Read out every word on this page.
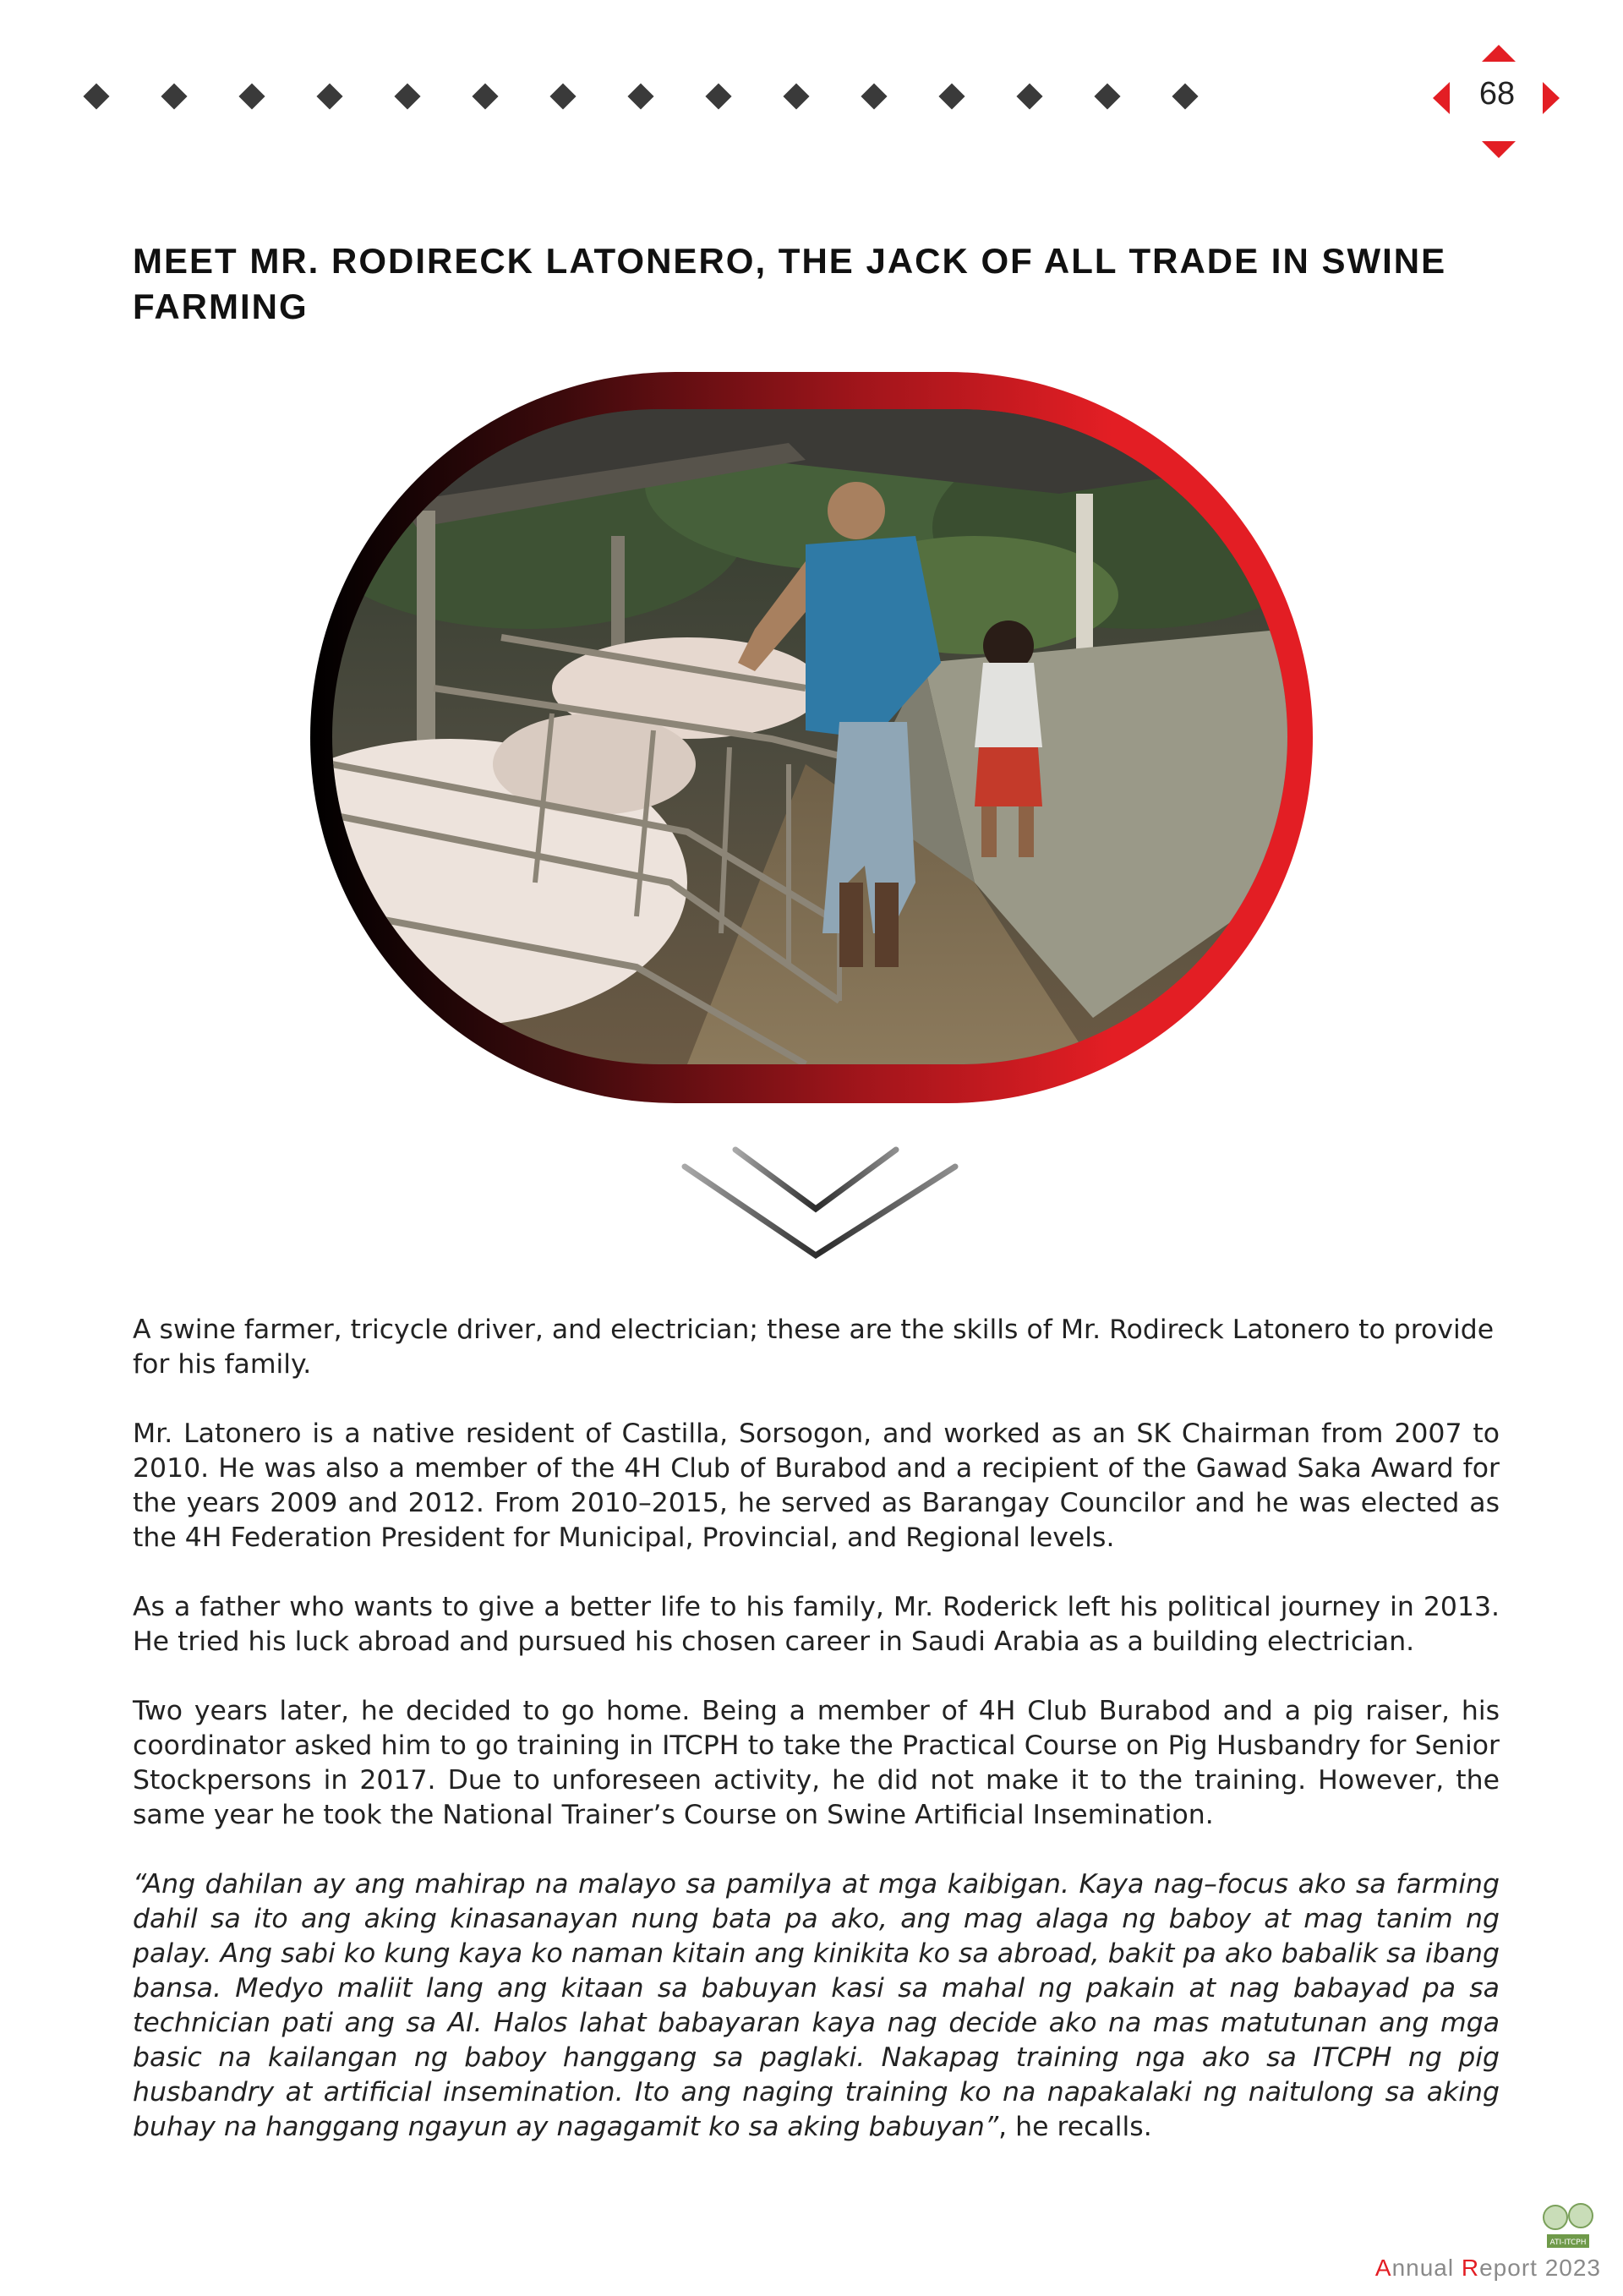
68
MEET MR. RODIRECK LATONERO, THE JACK OF ALL TRADE IN SWINE FARMING

A swine farmer, tricycle driver, and electrician; these are the skills of Mr. Rodireck Latonero to provide for his family.

Mr. Latonero is a native resident of Castilla, Sorsogon, and worked as an SK Chairman from 2007 to 2010. He was also a member of the 4H Club of Burabod and a recipient of the Gawad Saka Award for the years 2009 and 2012. From 2010–2015, he served as Barangay Councilor and he was elected as the 4H Federation President for Municipal, Provincial, and Regional levels.

As a father who wants to give a better life to his family, Mr. Roderick left his political journey in 2013. He tried his luck abroad and pursued his chosen career in Saudi Arabia as a building electrician.

Two years later, he decided to go home. Being a member of 4H Club Burabod and a pig raiser, his coordinator asked him to go training in ITCPH to take the Practical Course on Pig Husbandry for Senior Stockpersons in 2017. Due to unforeseen activity, he did not make it to the training. However, the same year he took the National Trainer’s Course on Swine Artificial Insemination.

“Ang dahilan ay ang mahirap na malayo sa pamilya at mga kaibigan. Kaya nag–focus ako sa farming dahil sa ito ang aking kinasanayan nung bata pa ako, ang mag alaga ng baboy at mag tanim ng palay. Ang sabi ko kung kaya ko naman kitain ang kinikita ko sa abroad, bakit pa ako babalik sa ibang bansa. Medyo maliit lang ang kitaan sa babuyan kasi sa mahal ng pakain at nag babayad pa sa technician pati ang sa AI. Halos lahat babayaran kaya nag decide ako na mas matutunan ang mga basic na kailangan ng baboy hanggang sa paglaki. Nakapag training nga ako sa ITCPH ng pig husbandry at artificial insemination. Ito ang naging training ko na napakalaki ng naitulong sa aking buhay na hanggang ngayun ay nagagamit ko sa aking babuyan”, he recalls.

ATI-ITCPH
Annual Report 2023
